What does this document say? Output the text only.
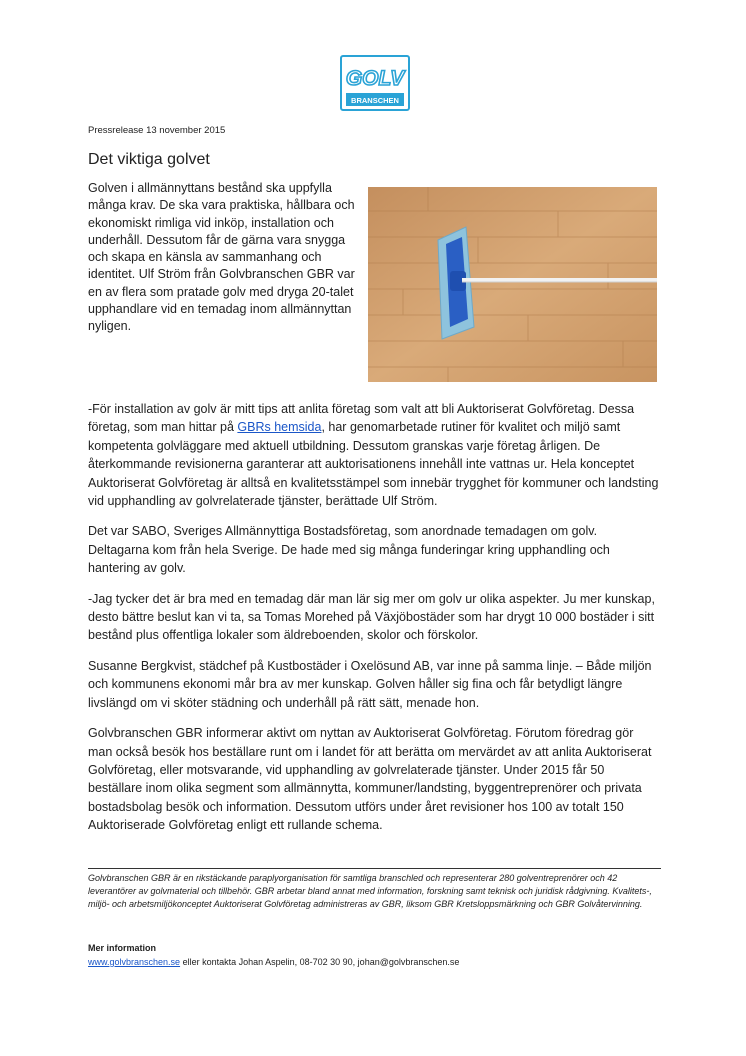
GOLV
BRANSCHEN
Pressrelease 13 november 2015
Det viktiga golvet

Golven i allmännyttans bestånd ska uppfylla många krav. De ska vara praktiska, hållbara och ekonomiskt rimliga vid inköp, installation och underhåll. Dessutom får de gärna vara snygga och skapa en känsla av sammanhang och identitet. Ulf Ström från Golvbranschen GBR var en av flera som pratade golv med dryga 20-talet upphandlare vid en temadag inom allmännyttan nyligen.

-För installation av golv är mitt tips att anlita företag som valt att bli Auktoriserat Golvföretag. Dessa företag, som man hittar på GBRs hemsida, har genomarbetade rutiner för kvalitet och miljö samt kompetenta golvläggare med aktuell utbildning. Dessutom granskas varje företag årligen. De återkommande revisionerna garanterar att auktorisationens innehåll inte vattnas ur. Hela konceptet Auktoriserat Golvföretag är alltså en kvalitetsstämpel som innebär trygghet för kommuner och landsting vid upphandling av golvrelaterade tjänster, berättade Ulf Ström.

Det var SABO, Sveriges Allmännyttiga Bostadsföretag, som anordnade temadagen om golv. Deltagarna kom från hela Sverige. De hade med sig många funderingar kring upphandling och hantering av golv.

-Jag tycker det är bra med en temadag där man lär sig mer om golv ur olika aspekter. Ju mer kunskap, desto bättre beslut kan vi ta, sa Tomas Morehed på Växjöbostäder som har drygt 10 000 bostäder i sitt bestånd plus offentliga lokaler som äldreboenden, skolor och förskolor.

Susanne Bergkvist, städchef på Kustbostäder i Oxelösund AB, var inne på samma linje. – Både miljön och kommunens ekonomi mår bra av mer kunskap. Golven håller sig fina och får betydligt längre livslängd om vi sköter städning och underhåll på rätt sätt, menade hon.

Golvbranschen GBR informerar aktivt om nyttan av Auktoriserat Golvföretag. Förutom föredrag gör man också besök hos beställare runt om i landet för att berätta om mervärdet av att anlita Auktoriserat Golvföretag, eller motsvarande, vid upphandling av golvrelaterade tjänster. Under 2015 får 50 beställare inom olika segment som allmännytta, kommuner/landsting, byggentreprenörer och privata bostadsbolag besök och information. Dessutom utförs under året revisioner hos 100 av totalt 150 Auktoriserade Golvföretag enligt ett rullande schema.

Golvbranschen GBR är en rikstäckande paraplyorganisation för samtliga branschled och representerar 280 golventreprenörer och 42 leverantörer av golvmaterial och tillbehör. GBR arbetar bland annat med information, forskning samt teknisk och juridisk rådgivning. Kvalitets-, miljö- och arbetsmiljökonceptet Auktoriserat Golvföretag administreras av GBR, liksom GBR Kretsloppsmärkning och GBR Golvåtervinning.

Mer information

www.golvbranschen.se eller kontakta Johan Aspelin, 08-702 30 90, johan@golvbranschen.se
